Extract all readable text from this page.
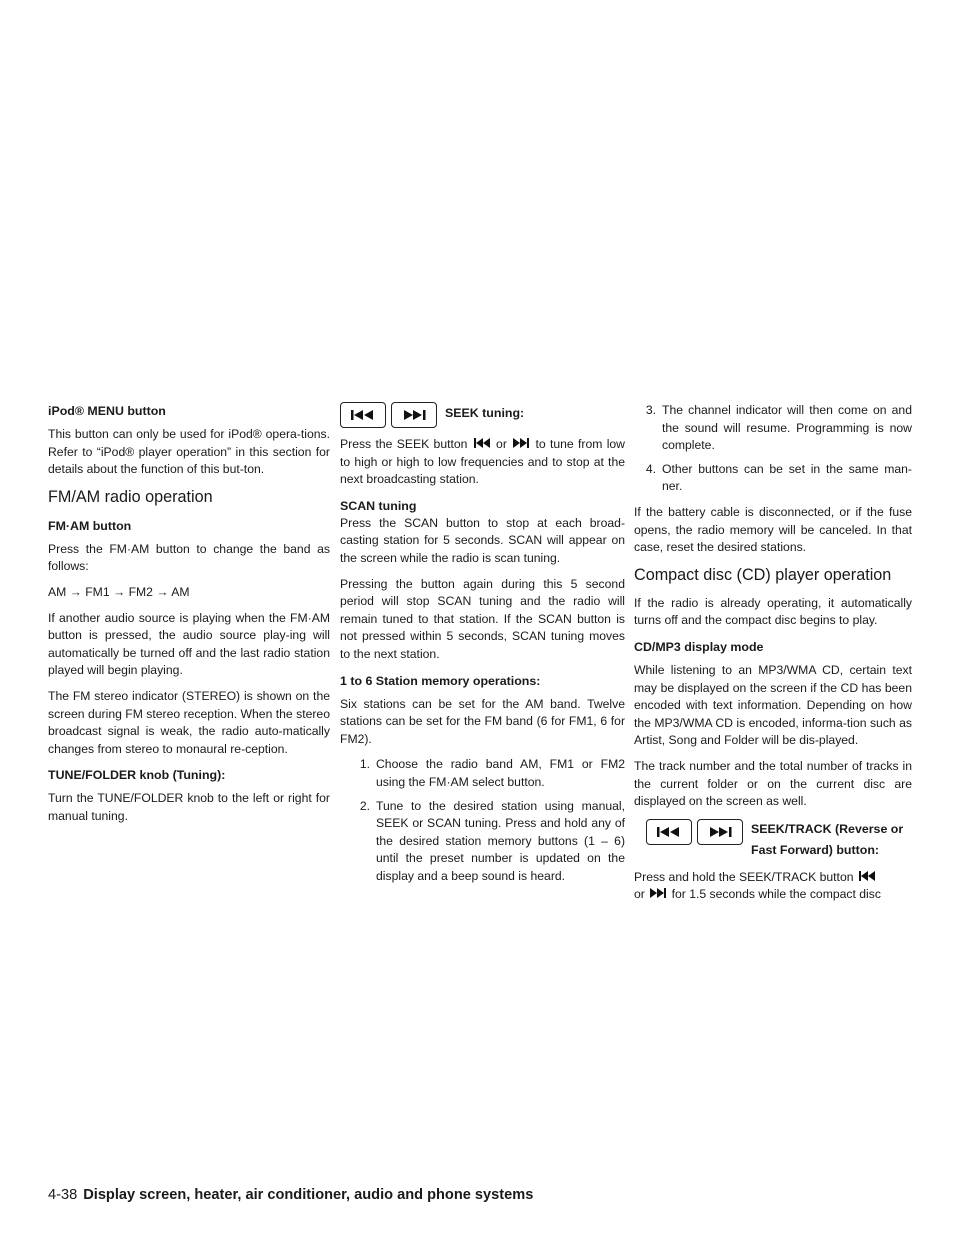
iPod® MENU button
This button can only be used for iPod® opera-tions. Refer to “iPod® player operation” in this section for details about the function of this but-ton.
FM/AM radio operation
FM·AM button
Press the FM·AM button to change the band as follows:
AM → FM1 → FM2 → AM
If another audio source is playing when the FM·AM button is pressed, the audio source play-ing will automatically be turned off and the last radio station played will begin playing.
The FM stereo indicator (STEREO) is shown on the screen during FM stereo reception. When the stereo broadcast signal is weak, the radio auto-matically changes from stereo to monaural re-ception.
TUNE/FOLDER knob (Tuning):
Turn the TUNE/FOLDER knob to the left or right for manual tuning.
SEEK tuning:
Press the SEEK button or to tune from low to high or high to low frequencies and to stop at the next broadcasting station.
SCAN tuning
Press the SCAN button to stop at each broad-casting station for 5 seconds. SCAN will appear on the screen while the radio is scan tuning.
Pressing the button again during this 5 second period will stop SCAN tuning and the radio will remain tuned to that station. If the SCAN button is not pressed within 5 seconds, SCAN tuning moves to the next station.
1 to 6 Station memory operations:
Six stations can be set for the AM band. Twelve stations can be set for the FM band (6 for FM1, 6 for FM2).
1. Choose the radio band AM, FM1 or FM2 using the FM·AM select button.
2. Tune to the desired station using manual, SEEK or SCAN tuning. Press and hold any of the desired station memory buttons (1 – 6) until the preset number is updated on the display and a beep sound is heard.
3. The channel indicator will then come on and the sound will resume. Programming is now complete.
4. Other buttons can be set in the same man-ner.
If the battery cable is disconnected, or if the fuse opens, the radio memory will be canceled. In that case, reset the desired stations.
Compact disc (CD) player operation
If the radio is already operating, it automatically turns off and the compact disc begins to play.
CD/MP3 display mode
While listening to an MP3/WMA CD, certain text may be displayed on the screen if the CD has been encoded with text information. Depending on how the MP3/WMA CD is encoded, informa-tion such as Artist, Song and Folder will be dis-played.
The track number and the total number of tracks in the current folder or on the current disc are displayed on the screen as well.
SEEK/TRACK (Reverse or
Fast Forward) button:
Press and hold the SEEK/TRACK button
or for 1.5 seconds while the compact disc
4-38 Display screen, heater, air conditioner, audio and phone systems
